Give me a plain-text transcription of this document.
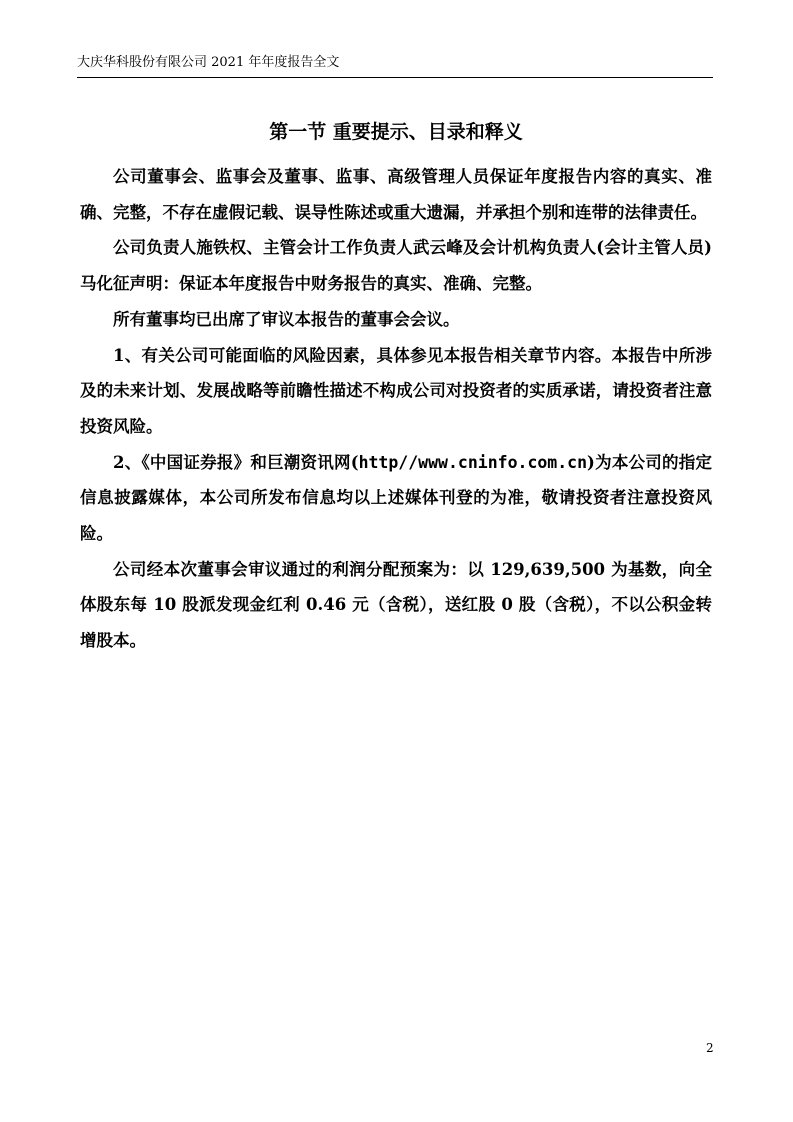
大庆华科股份有限公司 2021 年年度报告全文
第一节 重要提示、目录和释义

公司董事会、监事会及董事、监事、高级管理人员保证年度报告内容的真实、准确、完整，不存在虚假记载、误导性陈述或重大遗漏，并承担个别和连带的法律责任。

公司负责人施铁权、主管会计工作负责人武云峰及会计机构负责人(会计主管人员)马化征声明：保证本年度报告中财务报告的真实、准确、完整。

所有董事均已出席了审议本报告的董事会会议。

1、有关公司可能面临的风险因素，具体参见本报告相关章节内容。本报告中所涉及的未来计划、发展战略等前瞻性描述不构成公司对投资者的实质承诺，请投资者注意投资风险。

2、《中国证券报》和巨潮资讯网(http//www.cninfo.com.cn)为本公司的指定信息披露媒体，本公司所发布信息均以上述媒体刊登的为准，敬请投资者注意投资风险。

公司经本次董事会审议通过的利润分配预案为：以 129,639,500 为基数，向全体股东每 10 股派发现金红利 0.46 元（含税），送红股 0 股（含税），不以公积金转增股本。

2
